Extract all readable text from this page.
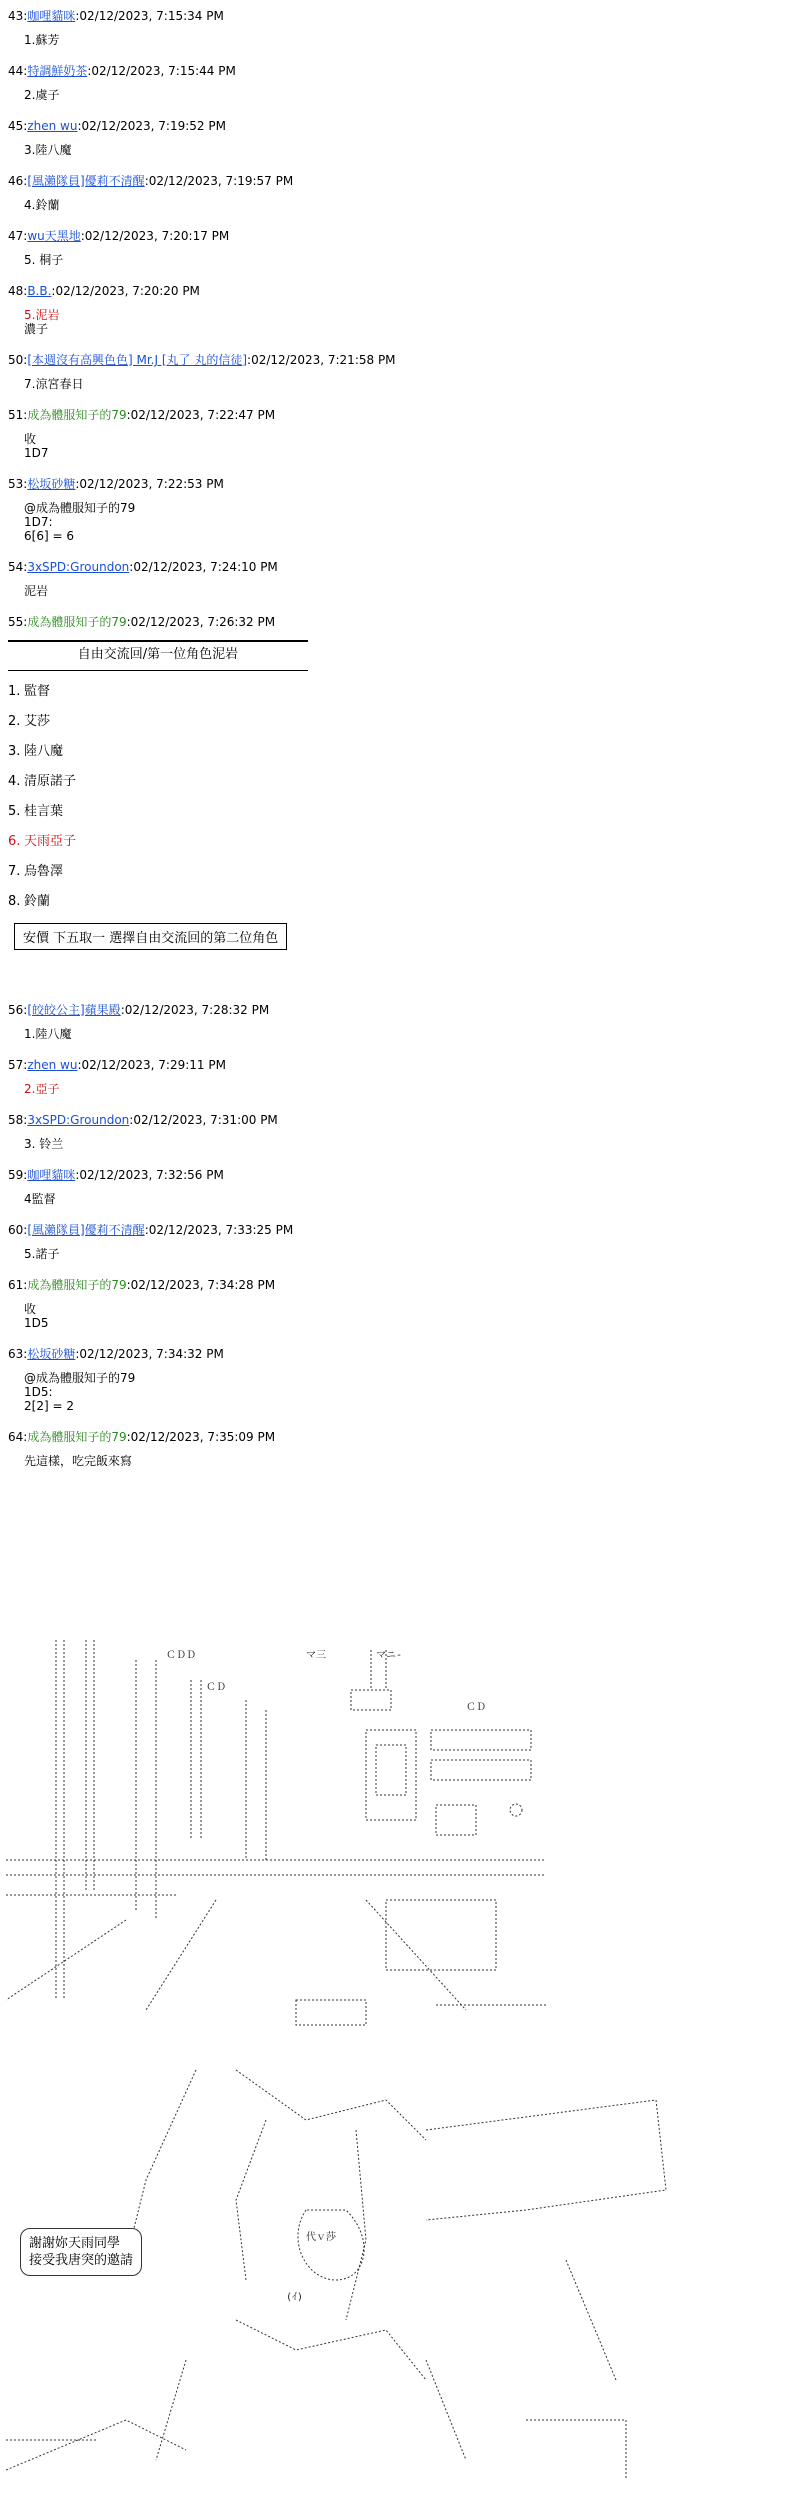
43:咖哩貓咪:02/12/2023, 7:15:34 PM
1.蘇芳
44:特調鮮奶茶:02/12/2023, 7:15:44 PM
2.虞子
45:zhen wu:02/12/2023, 7:19:52 PM
3.陸八魔
46:[風瀨隊員]優莉不清醒:02/12/2023, 7:19:57 PM
4.鈴蘭
47:wu天黑地:02/12/2023, 7:20:17 PM
5. 桐子
48:B.B.:02/12/2023, 7:20:20 PM
5.泥岩
濃子
50:[本週沒有高興色色] Mr.J [丸了 丸的信徒]:02/12/2023, 7:21:58 PM
7.涼宮春日
51:成為體服知子的79:02/12/2023, 7:22:47 PM
收
1D7
53:松坂砂糖:02/12/2023, 7:22:53 PM
@成為體服知子的79
1D7:
6[6] = 6
54:3xSPD:Groundon:02/12/2023, 7:24:10 PM
泥岩
55:成為體服知子的79:02/12/2023, 7:26:32 PM
自由交流回/第一位角色泥岩
1. 監督
2. 艾莎
3. 陸八魔
4. 清原諾子
5. 桂言葉
6. 天雨亞子
7. 烏魯澤
8. 鈴蘭
安價 下五取一 選擇自由交流回的第二位角色
56:[皎皎公主]蘋果殿:02/12/2023, 7:28:32 PM
1.陸八魔
57:zhen wu:02/12/2023, 7:29:11 PM
2.亞子
58:3xSPD:Groundon:02/12/2023, 7:31:00 PM
3. 铃兰
59:咖哩貓咪:02/12/2023, 7:32:56 PM
4監督
60:[風瀨隊員]優莉不清醒:02/12/2023, 7:33:25 PM
5.諾子
61:成為體服知子的79:02/12/2023, 7:34:28 PM
收
1D5
63:松坂砂糖:02/12/2023, 7:34:32 PM
@成為體服知子的79
1D5:
2[2] = 2
64:成為體服知子的79:02/12/2023, 7:35:09 PM
先這樣，吃完飯來寫
ＣＤＤ
ＣＤ
ＣＤ
マ三	マニ-
代ｖ莎
(ｲ)
謝謝妳天雨同學
接受我唐突的邀請
